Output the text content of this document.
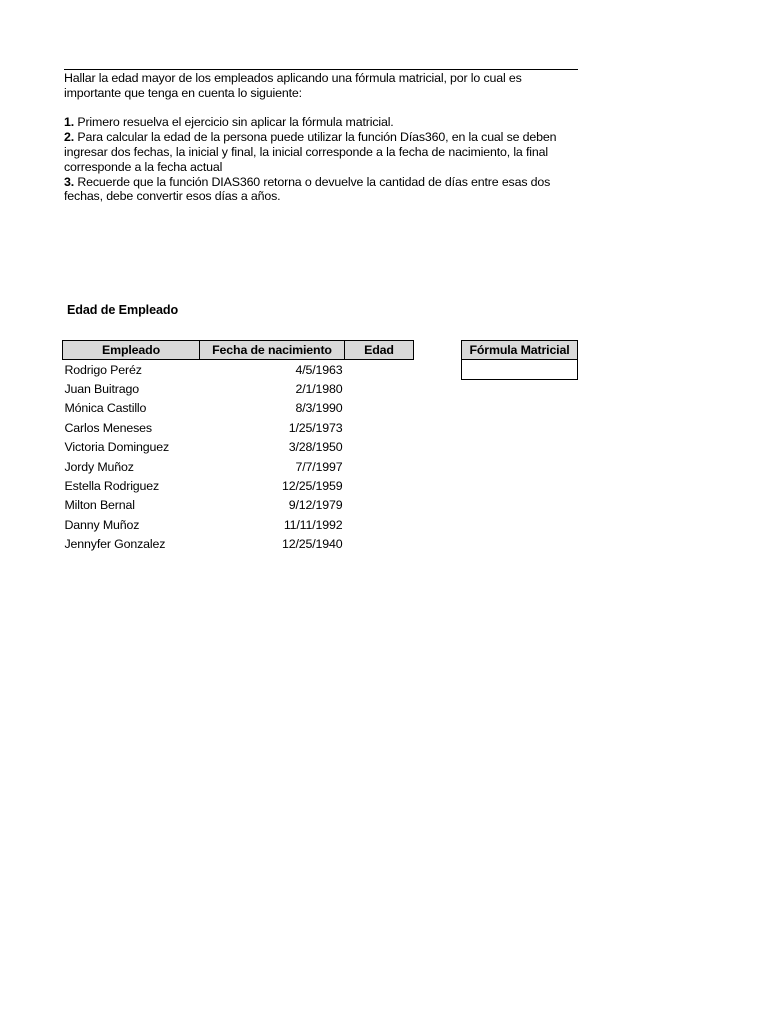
Hallar la edad mayor de los empleados aplicando una fórmula matricial, por lo cual es importante que tenga en cuenta lo siguiente:

1. Primero resuelva el ejercicio sin aplicar la fórmula matricial.

2. Para calcular la edad de la persona puede utilizar la función Días360, en la cual se deben ingresar dos fechas, la inicial y final, la inicial corresponde a la fecha de nacimiento, la final corresponde a la fecha actual

3. Recuerde que la función DIAS360 retorna o devuelve la cantidad de días entre esas dos fechas, debe convertir esos días a años.

Edad de Empleado
Empleado	Fecha de nacimiento	Edad
Rodrigo Peréz	4/5/1963	
Juan Buitrago	2/1/1980	
Mónica Castillo	8/3/1990	
Carlos Meneses	1/25/1973	
Victoria Dominguez	3/28/1950	
Jordy Muñoz	7/7/1997	
Estella Rodriguez	12/25/1959	
Milton Bernal	9/12/1979	
Danny Muñoz	11/11/1992	
Jennyfer Gonzalez	12/25/1940	
Fórmula Matricial
